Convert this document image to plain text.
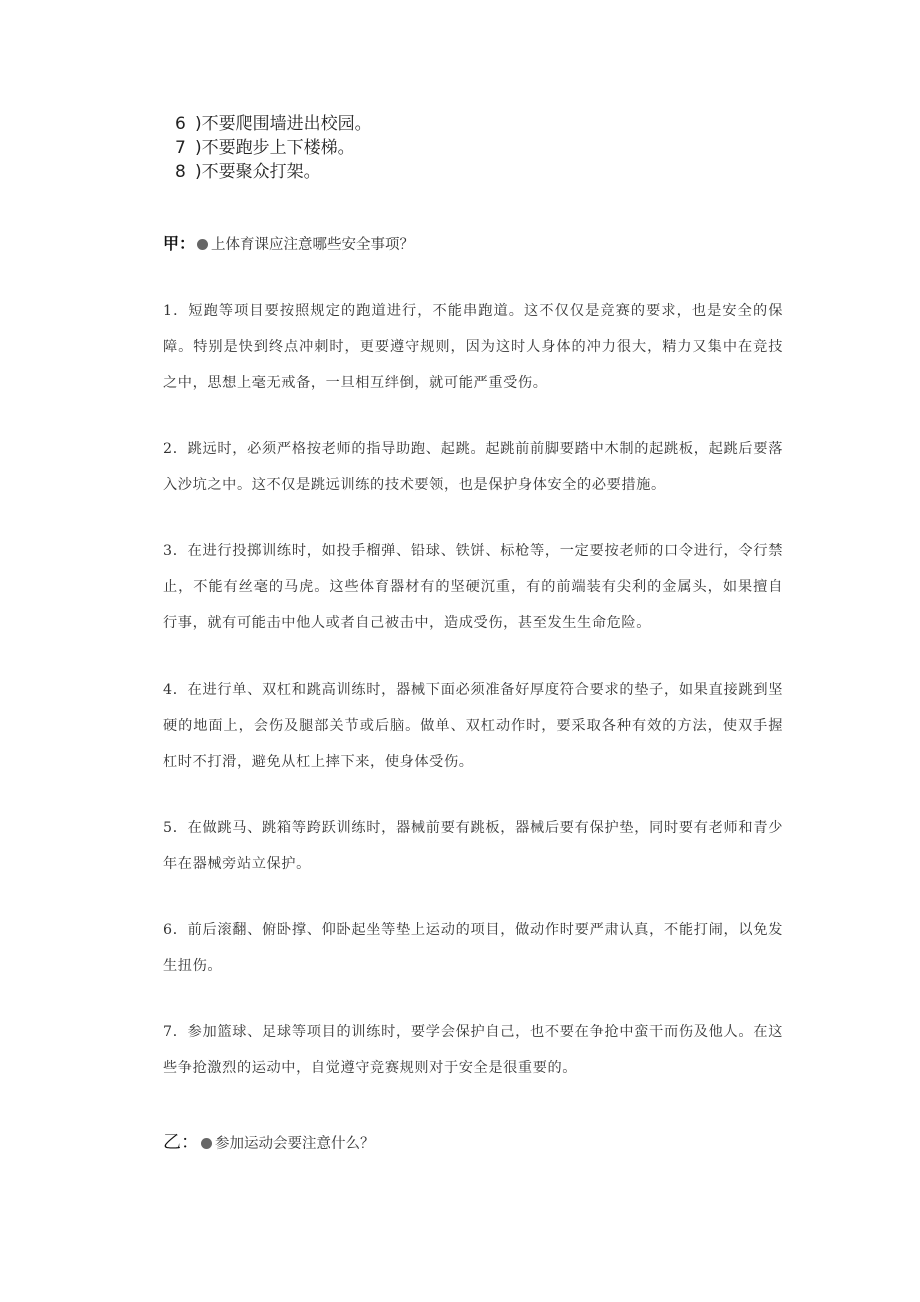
6 )不要爬围墙进出校园。
7 )不要跑步上下楼梯。
8 )不要聚众打架。
甲： 上体育课应注意哪些安全事项？

1．短跑等项目要按照规定的跑道进行，不能串跑道。这不仅仅是竞赛的要求，也是安全的保障。特别是快到终点冲刺时，更要遵守规则，因为这时人身体的冲力很大，精力又集中在竞技之中，思想上毫无戒备，一旦相互绊倒，就可能严重受伤。

2．跳远时，必须严格按老师的指导助跑、起跳。起跳前前脚要踏中木制的起跳板，起跳后要落入沙坑之中。这不仅是跳远训练的技术要领，也是保护身体安全的必要措施。

3．在进行投掷训练时，如投手榴弹、铅球、铁饼、标枪等，一定要按老师的口令进行，令行禁止，不能有丝毫的马虎。这些体育器材有的坚硬沉重，有的前端装有尖利的金属头，如果擅自行事，就有可能击中他人或者自己被击中，造成受伤，甚至发生生命危险。

4．在进行单、双杠和跳高训练时，器械下面必须准备好厚度符合要求的垫子，如果直接跳到坚硬的地面上，会伤及腿部关节或后脑。做单、双杠动作时，要采取各种有效的方法，使双手握杠时不打滑，避免从杠上摔下来，使身体受伤。

5．在做跳马、跳箱等跨跃训练时，器械前要有跳板，器械后要有保护垫，同时要有老师和青少年在器械旁站立保护。

6．前后滚翻、俯卧撑、仰卧起坐等垫上运动的项目，做动作时要严肃认真，不能打闹，以免发生扭伤。

7．参加篮球、足球等项目的训练时，要学会保护自己，也不要在争抢中蛮干而伤及他人。在这些争抢激烈的运动中，自觉遵守竞赛规则对于安全是很重要的。

乙： 参加运动会要注意什么？
